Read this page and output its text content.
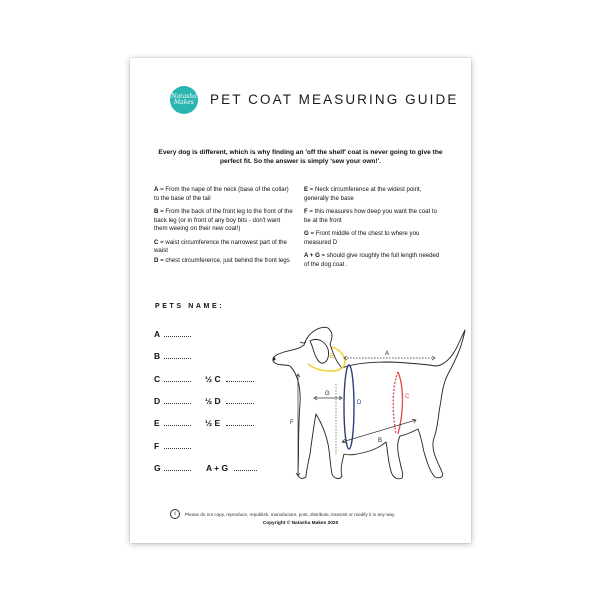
Natasha
Makes PET COAT MEASURING GUIDE
Every dog is different, which is why finding an 'off the shelf' coat is never going to give the perfect fit. So the answer is simply 'sew your own!'.

A = From the nape of the neck (base of the collar) to the base of the tail

B = From the back of the front leg to the front of the back leg (or in front of any boy bits - don't want them weeing on their new coat!)

C = waist circumference the narrowest part of the waist

D = chest circumference, just behind the front legs

E = Neck circumference at the widest point, generally the base

F = this measures how deep you want the coat to be at the front

G = Front middle of the chest to where you measured D

A + G = should give roughly the full length needed of the dog coat .

PETS NAME:
A
B
C	½ C
D	½ D
E	½ E
F
G	A + G
E	A
D
C
G
F
B
i	Please do not copy, reproduce, republish, manufacture, post, distribute, transmit or modify it in any way.
Copyright © Natasha Makes 2020
